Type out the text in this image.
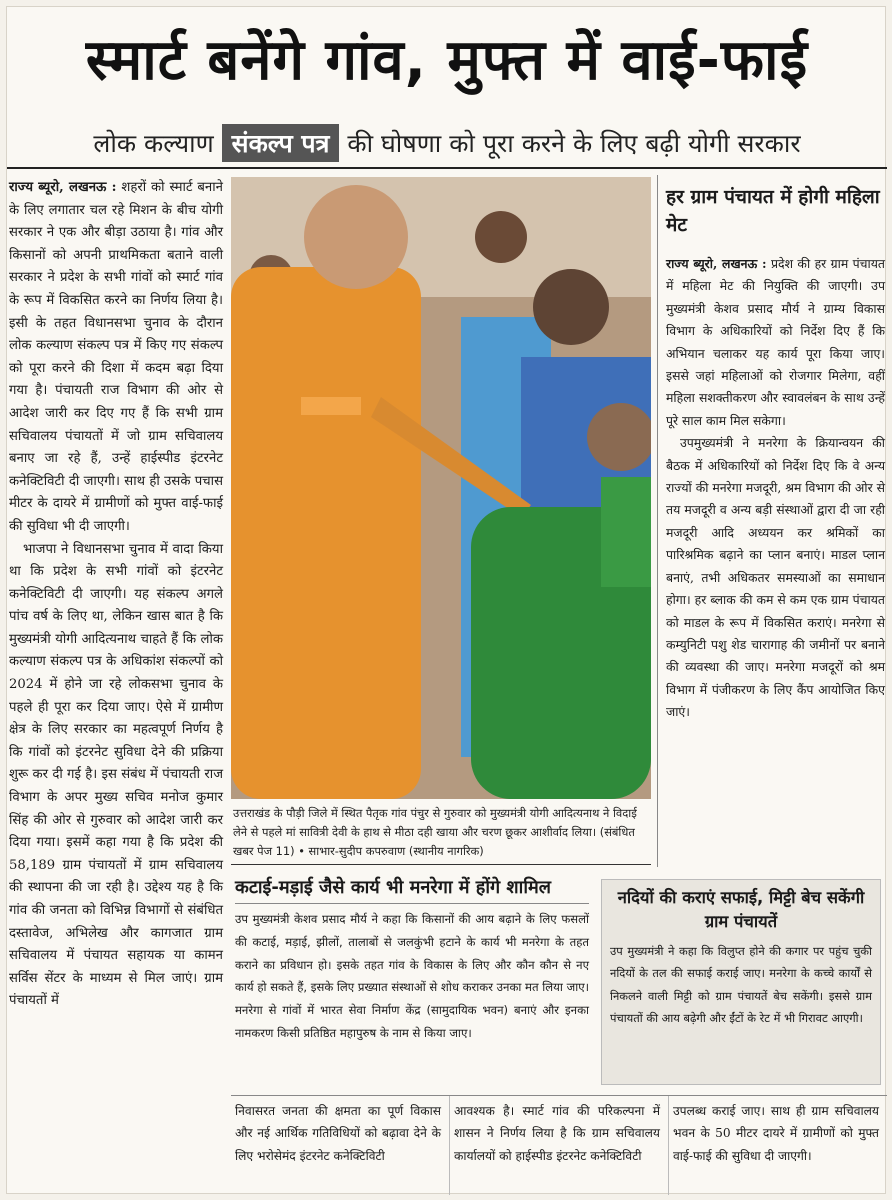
स्मार्ट बनेंगे गांव, मुफ्त में वाई-फाई
लोक कल्याण संकल्प पत्र की घोषणा को पूरा करने के लिए बढ़ी योगी सरकार

राज्य ब्यूरो, लखनऊ : शहरों को स्मार्ट बनाने के लिए लगातार चल रहे मिशन के बीच योगी सरकार ने एक और बीड़ा उठाया है। गांव और किसानों को अपनी प्राथमिकता बताने वाली सरकार ने प्रदेश के सभी गांवों को स्मार्ट गांव के रूप में विकसित करने का निर्णय लिया है। इसी के तहत विधानसभा चुनाव के दौरान लोक कल्याण संकल्प पत्र में किए गए संकल्प को पूरा करने की दिशा में कदम बढ़ा दिया गया है। पंचायती राज विभाग की ओर से आदेश जारी कर दिए गए हैं कि सभी ग्राम सचिवालय पंचायतों में जो ग्राम सचिवालय बनाए जा रहे हैं, उन्हें हाईस्पीड इंटरनेट कनेक्टिविटी दी जाएगी। साथ ही उसके पचास मीटर के दायरे में ग्रामीणों को मुफ्त वाई-फाई की सुविधा भी दी जाएगी।

भाजपा ने विधानसभा चुनाव में वादा किया था कि प्रदेश के सभी गांवों को इंटरनेट कनेक्टिविटी दी जाएगी। यह संकल्प अगले पांच वर्ष के लिए था, लेकिन खास बात है कि मुख्यमंत्री योगी आदित्यनाथ चाहते हैं कि लोक कल्याण संकल्प पत्र के अधिकांश संकल्पों को 2024 में होने जा रहे लोकसभा चुनाव के पहले ही पूरा कर दिया जाए। ऐसे में ग्रामीण क्षेत्र के लिए सरकार का महत्वपूर्ण निर्णय है कि गांवों को इंटरनेट सुविधा देने की प्रक्रिया शुरू कर दी गई है। इस संबंध में पंचायती राज विभाग के अपर मुख्य सचिव मनोज कुमार सिंह की ओर से गुरुवार को आदेश जारी कर दिया गया। इसमें कहा गया है कि प्रदेश की 58,189 ग्राम पंचायतों में ग्राम सचिवालय की स्थापना की जा रही है। उद्देश्य यह है कि गांव की जनता को विभिन्न विभागों से संबंधित दस्तावेज, अभिलेख और कागजात ग्राम सचिवालय में पंचायत सहायक या कामन सर्विस सेंटर के माध्यम से मिल जाएं। ग्राम पंचायतों में

उत्तराखंड के पौड़ी जिले में स्थित पैतृक गांव पंचुर से गुरुवार को मुख्यमंत्री योगी आदित्यनाथ ने विदाई लेने से पहले मां सावित्री देवी के हाथ से मीठा दही खाया और चरण छूकर आशीर्वाद लिया। (संबंधित खबर पेज 11) • साभार-सुदीप कपरुवाण (स्थानीय नागरिक)
हर ग्राम पंचायत में होगी महिला मेट

राज्य ब्यूरो, लखनऊ : प्रदेश की हर ग्राम पंचायत में महिला मेट की नियुक्ति की जाएगी। उप मुख्यमंत्री केशव प्रसाद मौर्य ने ग्राम्य विकास विभाग के अधिकारियों को निर्देश दिए हैं कि अभियान चलाकर यह कार्य पूरा किया जाए। इससे जहां महिलाओं को रोजगार मिलेगा, वहीं महिला सशक्तीकरण और स्वावलंबन के साथ उन्हें पूरे साल काम मिल सकेगा।

उपमुख्यमंत्री ने मनरेगा के क्रियान्वयन की बैठक में अधिकारियों को निर्देश दिए कि वे अन्य राज्यों की मनरेगा मजदूरी, श्रम विभाग की ओर से तय मजदूरी व अन्य बड़ी संस्थाओं द्वारा दी जा रही मजदूरी आदि अध्ययन कर श्रमिकों का पारिश्रमिक बढ़ाने का प्लान बनाएं। माडल प्लान बनाएं, तभी अधिकतर समस्याओं का समाधान होगा। हर ब्लाक की कम से कम एक ग्राम पंचायत को माडल के रूप में विकसित कराएं। मनरेगा से कम्युनिटी पशु शेड चारागाह की जमीनों पर बनाने की व्यवस्था की जाए। मनरेगा मजदूरों को श्रम विभाग में पंजीकरण के लिए कैंप आयोजित किए जाएं।

कटाई-मड़ाई जैसे कार्य भी मनरेगा में होंगे शामिल
उप मुख्यमंत्री केशव प्रसाद मौर्य ने कहा कि किसानों की आय बढ़ाने के लिए फसलों की कटाई, मड़ाई, झीलों, तालाबों से जलकुंभी हटाने के कार्य भी मनरेगा के तहत कराने का प्रविधान हो। इसके तहत गांव के विकास के लिए और कौन कौन से नए कार्य हो सकते हैं, इसके लिए प्रख्यात संस्थाओं से शोध कराकर उनका मत लिया जाए। मनरेगा से गांवों में भारत सेवा निर्माण केंद्र (सामुदायिक भवन) बनाएं और इनका नामकरण किसी प्रतिष्ठित महापुरुष के नाम से किया जाए।
नदियों की कराएं सफाई, मिट्टी बेच सकेंगी ग्राम पंचायतें
उप मुख्यमंत्री ने कहा कि विलुप्त होने की कगार पर पहुंच चुकी नदियों के तल की सफाई कराई जाए। मनरेगा के कच्चे कार्यों से निकलने वाली मिट्टी को ग्राम पंचायतें बेच सकेंगी। इससे ग्राम पंचायतों की आय बढ़ेगी और ईंटों के रेट में भी गिरावट आएगी।
निवासरत जनता की क्षमता का पूर्ण विकास और नई आर्थिक गतिविधियों को बढ़ावा देने के लिए भरोसेमंद इंटरनेट कनेक्टिविटी
आवश्यक है। स्मार्ट गांव की परिकल्पना में शासन ने निर्णय लिया है कि ग्राम सचिवालय कार्यालयों को हाईस्पीड इंटरनेट कनेक्टिविटी
उपलब्ध कराई जाए। साथ ही ग्राम सचिवालय भवन के 50 मीटर दायरे में ग्रामीणों को मुफ्त वाई-फाई की सुविधा दी जाएगी।
